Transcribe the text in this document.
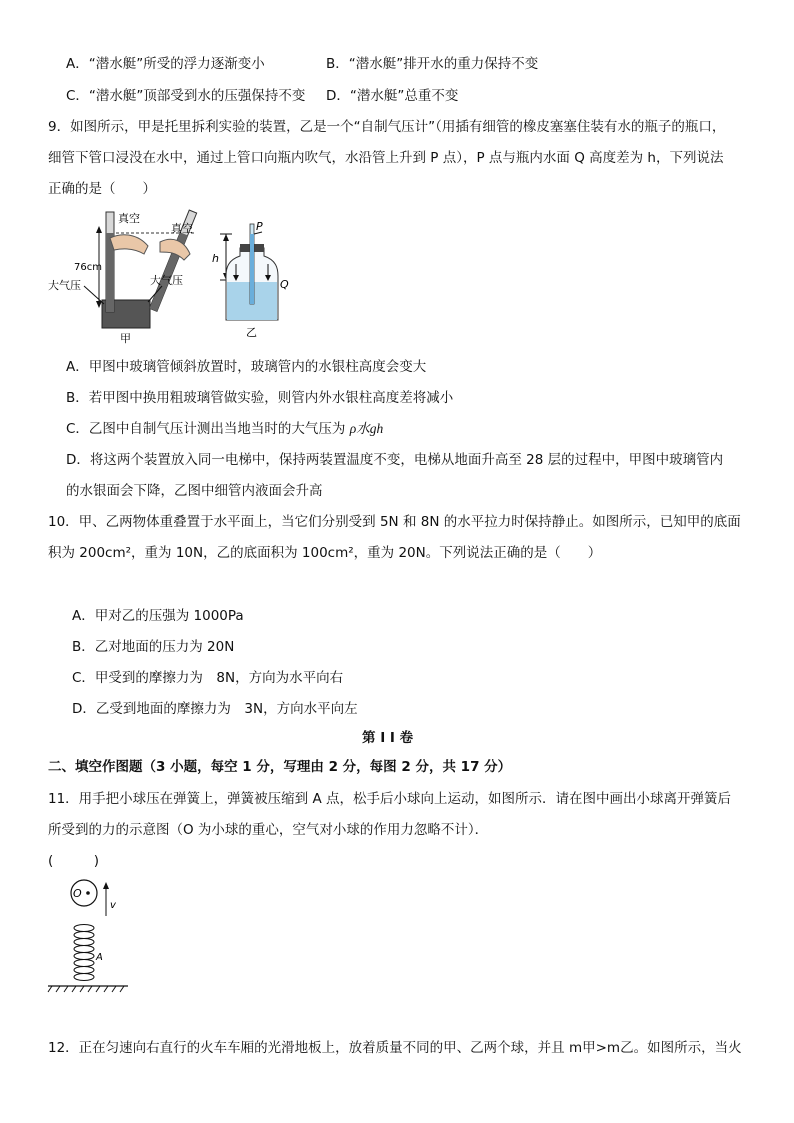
A．“潜水艇”所受的浮力逐渐变小	B．“潜水艇”排开水的重力保持不变
C．“潜水艇”顶部受到水的压强保持不变 D．“潜水艇”总重不变
9．如图所示，甲是托里拆利实验的装置，乙是一个“自制气压计”（用插有细管的橡皮塞塞住装有水的瓶子的瓶口，
细管下管口浸没在水中，通过上管口向瓶内吹气，水沿管上升到 P 点），P 点与瓶内水面 Q 高度差为 h，下列说法
正确的是（　　）
真空
真空
76cm
大气压	大气压
甲
P
h
Q
乙
A．甲图中玻璃管倾斜放置时，玻璃管内的水银柱高度会变大
B．若甲图中换用粗玻璃管做实验，则管内外水银柱高度差将减小
C．乙图中自制气压计测出当地当时的大气压为 ρ水gh
D．将这两个装置放入同一电梯中，保持两装置温度不变，电梯从地面升高至 28 层的过程中，甲图中玻璃管内
的水银面会下降，乙图中细管内液面会升高
10．甲、乙两物体重叠置于水平面上，当它们分别受到 5N 和 8N 的水平拉力时保持静止。如图所示，已知甲的底面
积为 200cm²，重为 10N，乙的底面积为 100cm²，重为 20N。下列说法正确的是（　　）
A．甲对乙的压强为 1000Pa
B．乙对地面的压力为 20N
C．甲受到的摩擦力为　8N，方向为水平向右
D．乙受到地面的摩擦力为　3N，方向水平向左
第 I I 卷
二、填空作图题（3 小题，每空 1 分，写理由 2 分，每图 2 分，共 17 分）
11．用手把小球压在弹簧上，弹簧被压缩到 A 点，松手后小球向上运动，如图所示．请在图中画出小球离开弹簧后
所受到的力的示意图（O 为小球的重心，空气对小球的作用力忽略不计）．
(　　　)
O
v
A
12．正在匀速向右直行的火车车厢的光滑地板上，放着质量不同的甲、乙两个球，并且 m甲>m乙。如图所示，当火
